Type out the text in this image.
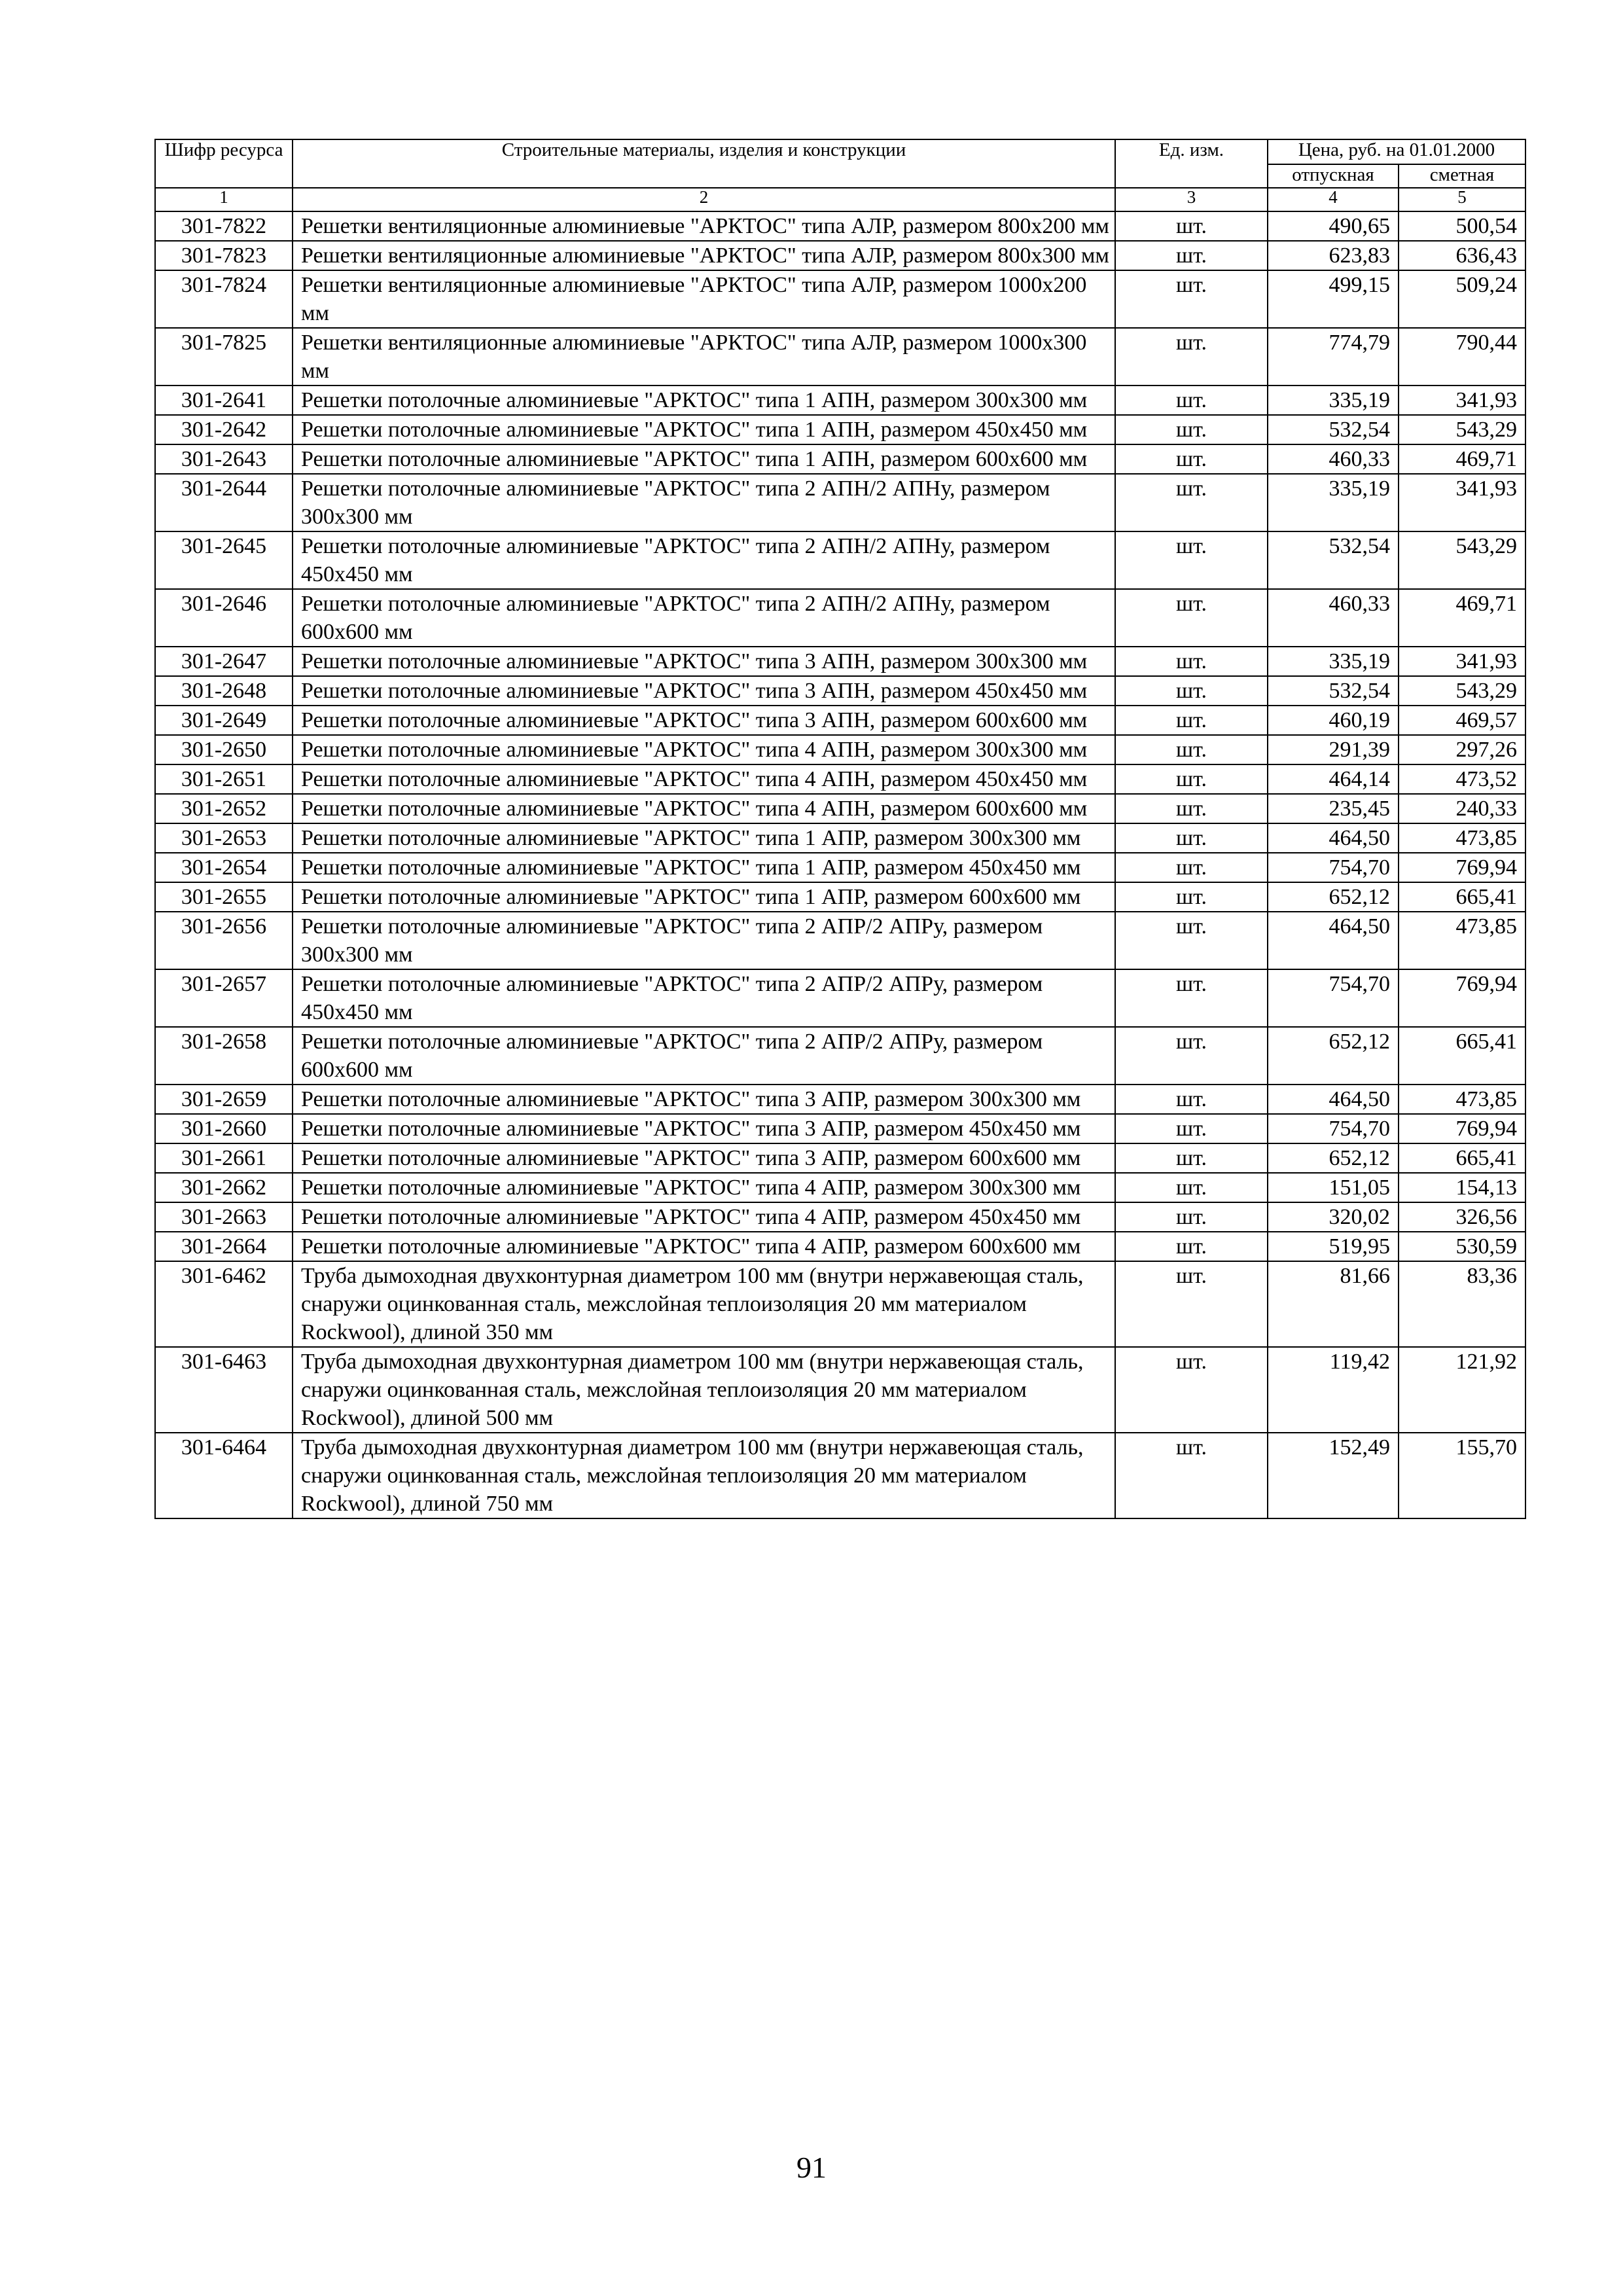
Шифр ресурса	Строительные материалы, изделия и конструкции	Ед. изм.	Цена, руб. на 01.01.2000	
			отпускная	сметная
1	2	3	4	5
301-7822	Решетки вентиляционные алюминиевые "АРКТОС" типа АЛР, размером 800х200 мм	шт.	490,65	500,54
301-7823	Решетки вентиляционные алюминиевые "АРКТОС" типа АЛР, размером 800х300 мм	шт.	623,83	636,43
301-7824	Решетки вентиляционные алюминиевые "АРКТОС" типа АЛР, размером 1000х200 мм	шт.	499,15	509,24
301-7825	Решетки вентиляционные алюминиевые "АРКТОС" типа АЛР, размером 1000х300 мм	шт.	774,79	790,44
301-2641	Решетки потолочные алюминиевые "АРКТОС" типа 1 АПН, размером 300х300 мм	шт.	335,19	341,93
301-2642	Решетки потолочные алюминиевые "АРКТОС" типа 1 АПН, размером 450х450 мм	шт.	532,54	543,29
301-2643	Решетки потолочные алюминиевые "АРКТОС" типа 1 АПН, размером 600х600 мм	шт.	460,33	469,71
301-2644	Решетки потолочные алюминиевые "АРКТОС" типа 2 АПН/2 АПНу, размером 300х300 мм	шт.	335,19	341,93
301-2645	Решетки потолочные алюминиевые "АРКТОС" типа 2 АПН/2 АПНу, размером 450х450 мм	шт.	532,54	543,29
301-2646	Решетки потолочные алюминиевые "АРКТОС" типа 2 АПН/2 АПНу, размером 600х600 мм	шт.	460,33	469,71
301-2647	Решетки потолочные алюминиевые "АРКТОС" типа 3 АПН, размером 300х300 мм	шт.	335,19	341,93
301-2648	Решетки потолочные алюминиевые "АРКТОС" типа 3 АПН, размером 450х450 мм	шт.	532,54	543,29
301-2649	Решетки потолочные алюминиевые "АРКТОС" типа 3 АПН, размером 600х600 мм	шт.	460,19	469,57
301-2650	Решетки потолочные алюминиевые "АРКТОС" типа 4 АПН, размером 300х300 мм	шт.	291,39	297,26
301-2651	Решетки потолочные алюминиевые "АРКТОС" типа 4 АПН, размером 450х450 мм	шт.	464,14	473,52
301-2652	Решетки потолочные алюминиевые "АРКТОС" типа 4 АПН, размером 600х600 мм	шт.	235,45	240,33
301-2653	Решетки потолочные алюминиевые "АРКТОС" типа 1 АПР, размером 300х300 мм	шт.	464,50	473,85
301-2654	Решетки потолочные алюминиевые "АРКТОС" типа 1 АПР, размером 450х450 мм	шт.	754,70	769,94
301-2655	Решетки потолочные алюминиевые "АРКТОС" типа 1 АПР, размером 600х600 мм	шт.	652,12	665,41
301-2656	Решетки потолочные алюминиевые "АРКТОС" типа 2 АПР/2 АПРу, размером 300х300 мм	шт.	464,50	473,85
301-2657	Решетки потолочные алюминиевые "АРКТОС" типа 2 АПР/2 АПРу, размером 450х450 мм	шт.	754,70	769,94
301-2658	Решетки потолочные алюминиевые "АРКТОС" типа 2 АПР/2 АПРу, размером 600х600 мм	шт.	652,12	665,41
301-2659	Решетки потолочные алюминиевые "АРКТОС" типа 3 АПР, размером 300х300 мм	шт.	464,50	473,85
301-2660	Решетки потолочные алюминиевые "АРКТОС" типа 3 АПР, размером 450х450 мм	шт.	754,70	769,94
301-2661	Решетки потолочные алюминиевые "АРКТОС" типа 3 АПР, размером 600х600 мм	шт.	652,12	665,41
301-2662	Решетки потолочные алюминиевые "АРКТОС" типа 4 АПР, размером 300х300 мм	шт.	151,05	154,13
301-2663	Решетки потолочные алюминиевые "АРКТОС" типа 4 АПР, размером 450х450 мм	шт.	320,02	326,56
301-2664	Решетки потолочные алюминиевые "АРКТОС" типа 4 АПР, размером 600х600 мм	шт.	519,95	530,59
301-6462	Труба дымоходная двухконтурная диаметром 100 мм (внутри нержавеющая сталь, снаружи оцинкованная сталь, межслойная теплоизоляция 20 мм материалом Rockwool), длиной 350 мм	шт.	81,66	83,36
301-6463	Труба дымоходная двухконтурная диаметром 100 мм (внутри нержавеющая сталь, снаружи оцинкованная сталь, межслойная теплоизоляция 20 мм материалом Rockwool), длиной 500 мм	шт.	119,42	121,92
301-6464	Труба дымоходная двухконтурная диаметром 100 мм (внутри нержавеющая сталь, снаружи оцинкованная сталь, межслойная теплоизоляция 20 мм материалом Rockwool), длиной 750 мм	шт.	152,49	155,70
91
